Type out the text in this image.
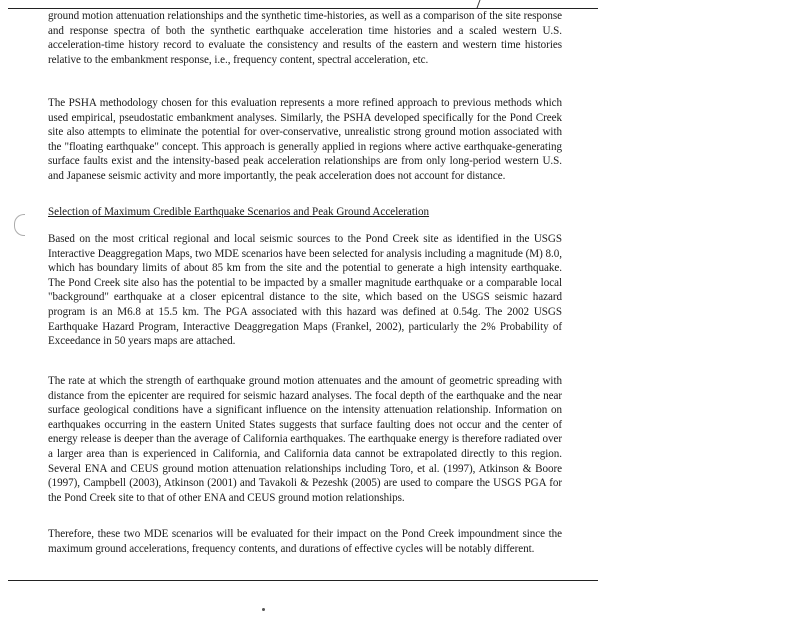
ground motion attenuation relationships and the synthetic time-histories, as well as a comparison of the site response and response spectra of both the synthetic earthquake acceleration time histories and a scaled western U.S. acceleration-time history record to evaluate the consistency and results of the eastern and western time histories relative to the embankment response, i.e., frequency content, spectral acceleration, etc.

The PSHA methodology chosen for this evaluation represents a more refined approach to previous methods which used empirical, pseudostatic embankment analyses. Similarly, the PSHA developed specifically for the Pond Creek site also attempts to eliminate the potential for over-conservative, unrealistic strong ground motion associated with the "floating earthquake" concept. This approach is generally applied in regions where active earthquake-generating surface faults exist and the intensity-based peak acceleration relationships are from only long-period western U.S. and Japanese seismic activity and more importantly, the peak acceleration does not account for distance.

Selection of Maximum Credible Earthquake Scenarios and Peak Ground Acceleration

Based on the most critical regional and local seismic sources to the Pond Creek site as identified in the USGS Interactive Deaggregation Maps, two MDE scenarios have been selected for analysis including a magnitude (M) 8.0, which has boundary limits of about 85 km from the site and the potential to generate a high intensity earthquake. The Pond Creek site also has the potential to be impacted by a smaller magnitude earthquake or a comparable local "background" earthquake at a closer epicentral distance to the site, which based on the USGS seismic hazard program is an M6.8 at 15.5 km. The PGA associated with this hazard was defined at 0.54g. The 2002 USGS Earthquake Hazard Program, Interactive Deaggregation Maps (Frankel, 2002), particularly the 2% Probability of Exceedance in 50 years maps are attached.

The rate at which the strength of earthquake ground motion attenuates and the amount of geometric spreading with distance from the epicenter are required for seismic hazard analyses. The focal depth of the earthquake and the near surface geological conditions have a significant influence on the intensity attenuation relationship. Information on earthquakes occurring in the eastern United States suggests that surface faulting does not occur and the center of energy release is deeper than the average of California earthquakes. The earthquake energy is therefore radiated over a larger area than is experienced in California, and California data cannot be extrapolated directly to this region. Several ENA and CEUS ground motion attenuation relationships including Toro, et al. (1997), Atkinson & Boore (1997), Campbell (2003), Atkinson (2001) and Tavakoli & Pezeshk (2005) are used to compare the USGS PGA for the Pond Creek site to that of other ENA and CEUS ground motion relationships.

Therefore, these two MDE scenarios will be evaluated for their impact on the Pond Creek impoundment since the maximum ground accelerations, frequency contents, and durations of effective cycles will be notably different.
